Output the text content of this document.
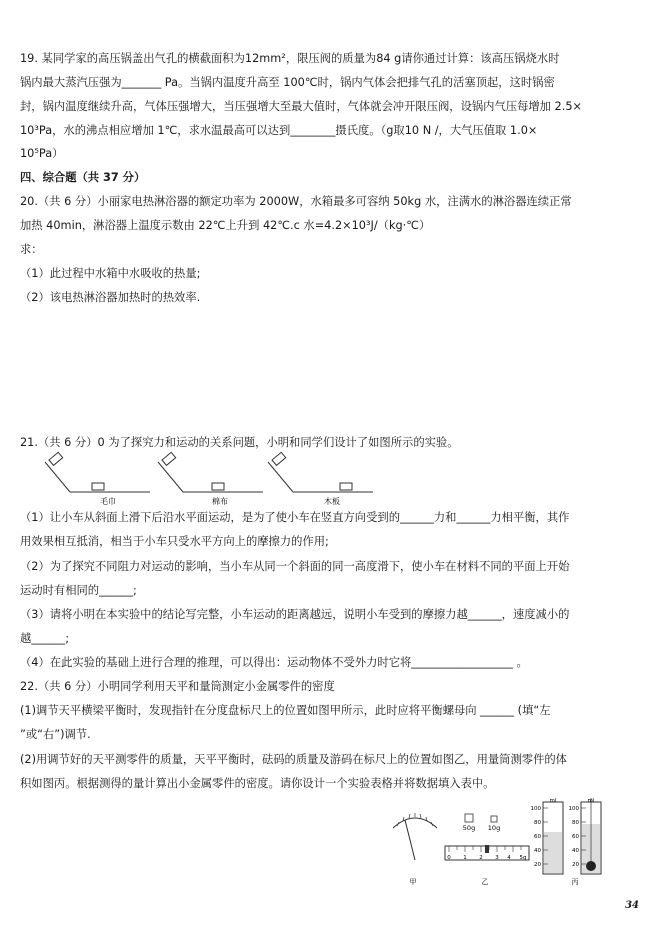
19. 某同学家的高压锅盖出气孔的横截面积为12mm²，限压阀的质量为84 g请你通过计算：该高压锅烧水时
锅内最大蒸汽压强为_______ Pa。当锅内温度升高至 100℃时，锅内气体会把排气孔的活塞顶起，这时锅密
封，锅内温度继续升高，气体压强增大，当压强增大至最大值时，气体就会冲开限压阀，设锅内气压每增加 2.5×
10³Pa，水的沸点相应增加 1℃，求水温最高可以达到________摄氏度。（g取10 N /，大气压值取 1.0×
10⁵Pa）
四、综合题（共 37 分）
20.（共 6 分）小丽家电热淋浴器的额定功率为 2000W，水箱最多可容纳 50kg 水，注满水的淋浴器连续正常
加热 40min，淋浴器上温度示数由 22℃上升到 42℃.c 水=4.2×10³J/（kg·℃）
求：
（1）此过程中水箱中水吸收的热量;
（2）该电热淋浴器加热时的热效率.
21.（共 6 分）0 为了探究力和运动的关系问题，小明和同学们设计了如图所示的实验。
毛巾	棉布	木板
（1）让小车从斜面上滑下后沿水平面运动，是为了使小车在竖直方向受到的______力和______力相平衡，其作
用效果相互抵消，相当于小车只受水平方向上的摩擦力的作用;
（2）为了探究不同阻力对运动的影响，当小车从同一个斜面的同一高度滑下，使小车在材料不同的平面上开始
运动时有相同的______;
（3）请将小明在本实验中的结论写完整，小车运动的距离越远，说明小车受到的摩擦力越______，速度减小的
越______;
（4）在此实验的基础上进行合理的推理，可以得出：运动物体不受外力时它将__________________ 。
22.（共 6 分）小明同学利用天平和量筒测定小金属零件的密度
(1)调节天平横梁平衡时，发现指针在分度盘标尺上的位置如图甲所示，此时应将平衡螺母向 ______ (填“左
”或“右”)调节.
(2)用调节好的天平测零件的质量，天平平衡时，砝码的质量及游码在标尺上的位置如图乙，用量筒测零件的体
积如图丙。根据测得的量计算出小金属零件的密度。请你设计一个实验表格并将数据填入表中。
甲
50g 10g
0 1 2 3 4 5g
乙
ml
100
80
60
40
20
ml
100
80
60
40
20
丙
34
